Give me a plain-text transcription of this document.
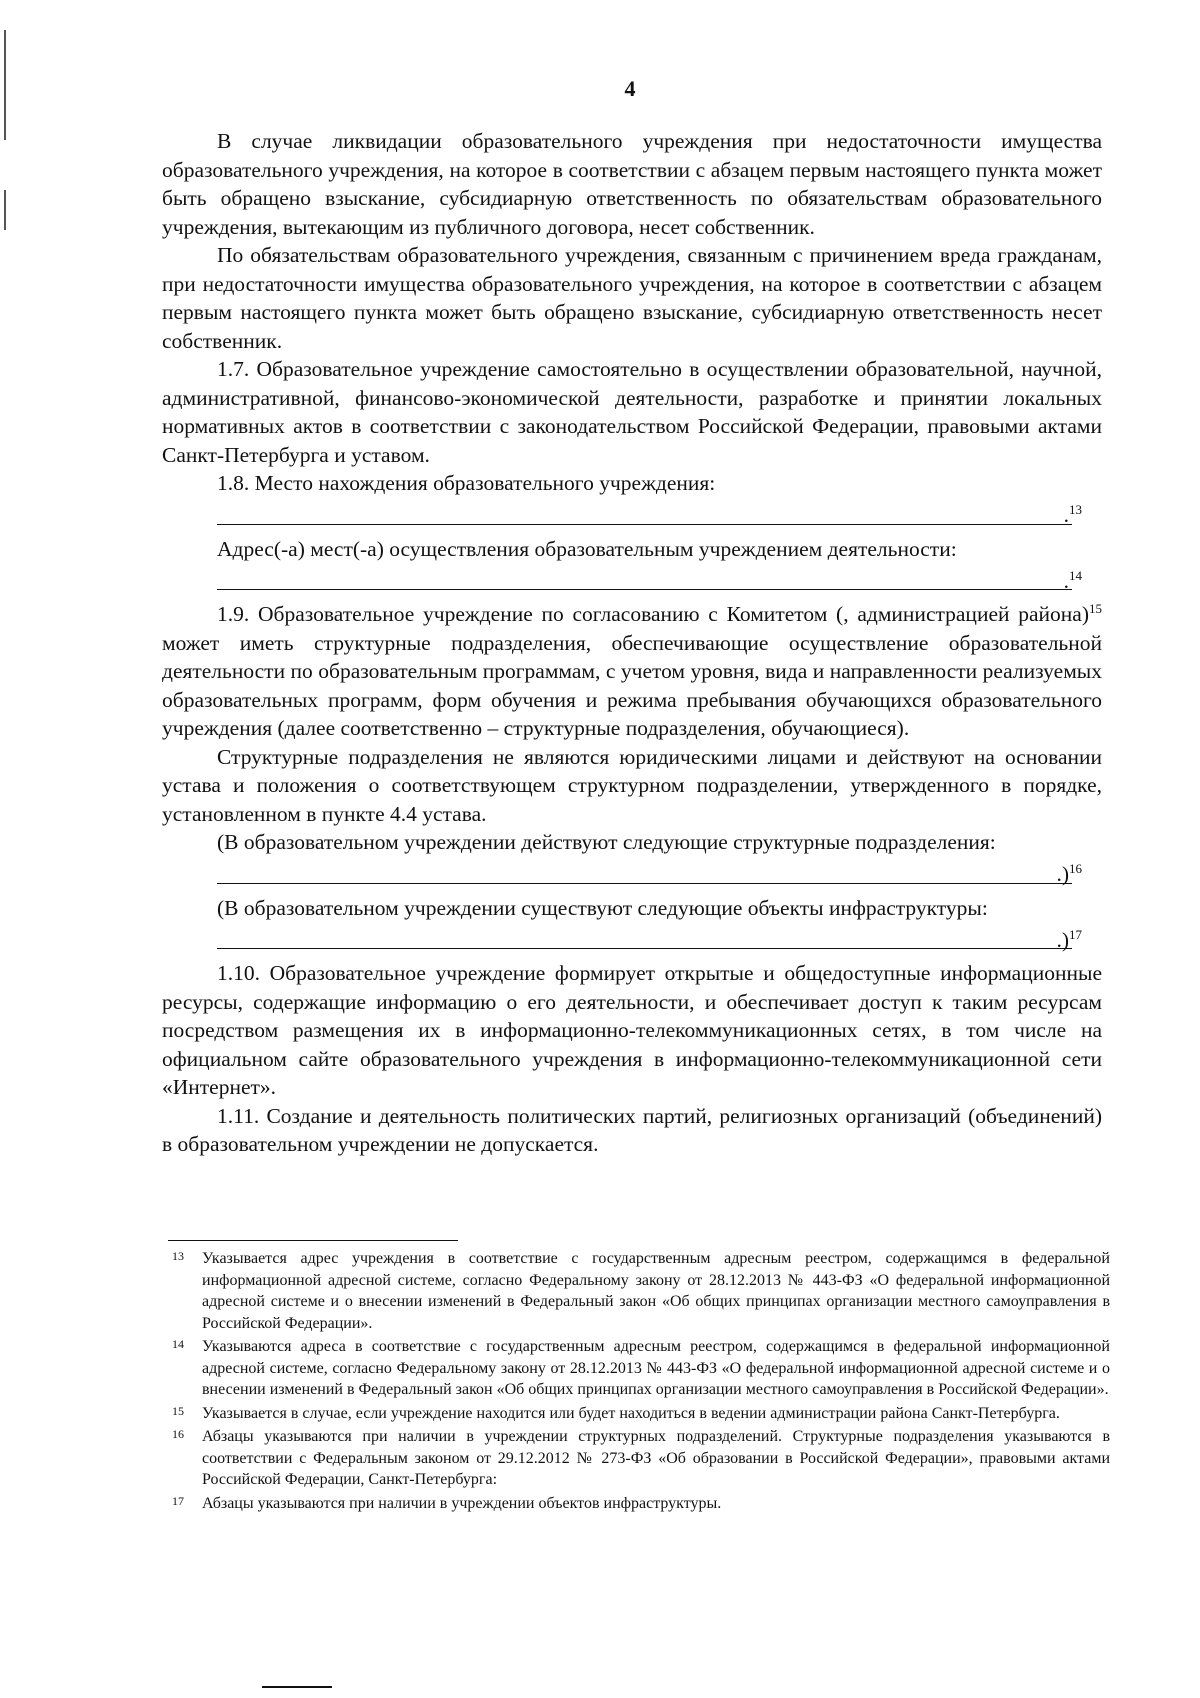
4

В случае ликвидации образовательного учреждения при недостаточности имущества образовательного учреждения, на которое в соответствии с абзацем первым настоящего пункта может быть обращено взыскание, субсидиарную ответственность по обязательствам образовательного учреждения, вытекающим из публичного договора, несет собственник.

По обязательствам образовательного учреждения, связанным с причинением вреда гражданам, при недостаточности имущества образовательного учреждения, на которое в соответствии с абзацем первым настоящего пункта может быть обращено взыскание, субсидиарную ответственность несет собственник.

1.7. Образовательное учреждение самостоятельно в осуществлении образовательной, научной, административной, финансово-экономической деятельности, разработке и принятии локальных нормативных актов в соответствии с законодательством Российской Федерации, правовыми актами Санкт-Петербурга и уставом.

1.8. Место нахождения образовательного учреждения:

.$^{13}$

Адрес(-а) мест(-а) осуществления образовательным учреждением деятельности:

.$^{14}$

1.9. Образовательное учреждение по согласованию с Комитетом (, администрацией района)$^{15}$ может иметь структурные подразделения, обеспечивающие осуществление образовательной деятельности по образовательным программам, с учетом уровня, вида и направленности реализуемых образовательных программ, форм обучения и режима пребывания обучающихся образовательного учреждения (далее соответственно – структурные подразделения, обучающиеся).

Структурные подразделения не являются юридическими лицами и действуют на основании устава и положения о соответствующем структурном подразделении, утвержденного в порядке, установленном в пункте 4.4 устава.

(В образовательном учреждении действуют следующие структурные подразделения:

.)$^{16}$

(В образовательном учреждении существуют следующие объекты инфраструктуры:

.)$^{17}$

1.10. Образовательное учреждение формирует открытые и общедоступные информационные ресурсы, содержащие информацию о его деятельности, и обеспечивает доступ к таким ресурсам посредством размещения их в информационно-телекоммуникационных сетях, в том числе на официальном сайте образовательного учреждения в информационно-телекоммуникационной сети «Интернет».

1.11. Создание и деятельность политических партий, религиозных организаций (объединений) в образовательном учреждении не допускается.

13 Указывается адрес учреждения в соответствие с государственным адресным реестром, содержащимся в федеральной информационной адресной системе, согласно Федеральному закону от 28.12.2013 № 443-ФЗ «О федеральной информационной адресной системе и о внесении изменений в Федеральный закон «Об общих принципах организации местного самоуправления в Российской Федерации».
14 Указываются адреса в соответствие с государственным адресным реестром, содержащимся в федеральной информационной адресной системе, согласно Федеральному закону от 28.12.2013 № 443-ФЗ «О федеральной информационной адресной системе и о внесении изменений в Федеральный закон «Об общих принципах организации местного самоуправления в Российской Федерации».
15 Указывается в случае, если учреждение находится или будет находиться в ведении администрации района Санкт-Петербурга.
16 Абзацы указываются при наличии в учреждении структурных подразделений. Структурные подразделения указываются в соответствии с Федеральным законом от 29.12.2012 № 273-ФЗ «Об образовании в Российской Федерации», правовыми актами Российской Федерации, Санкт-Петербурга:
17 Абзацы указываются при наличии в учреждении объектов инфраструктуры.
